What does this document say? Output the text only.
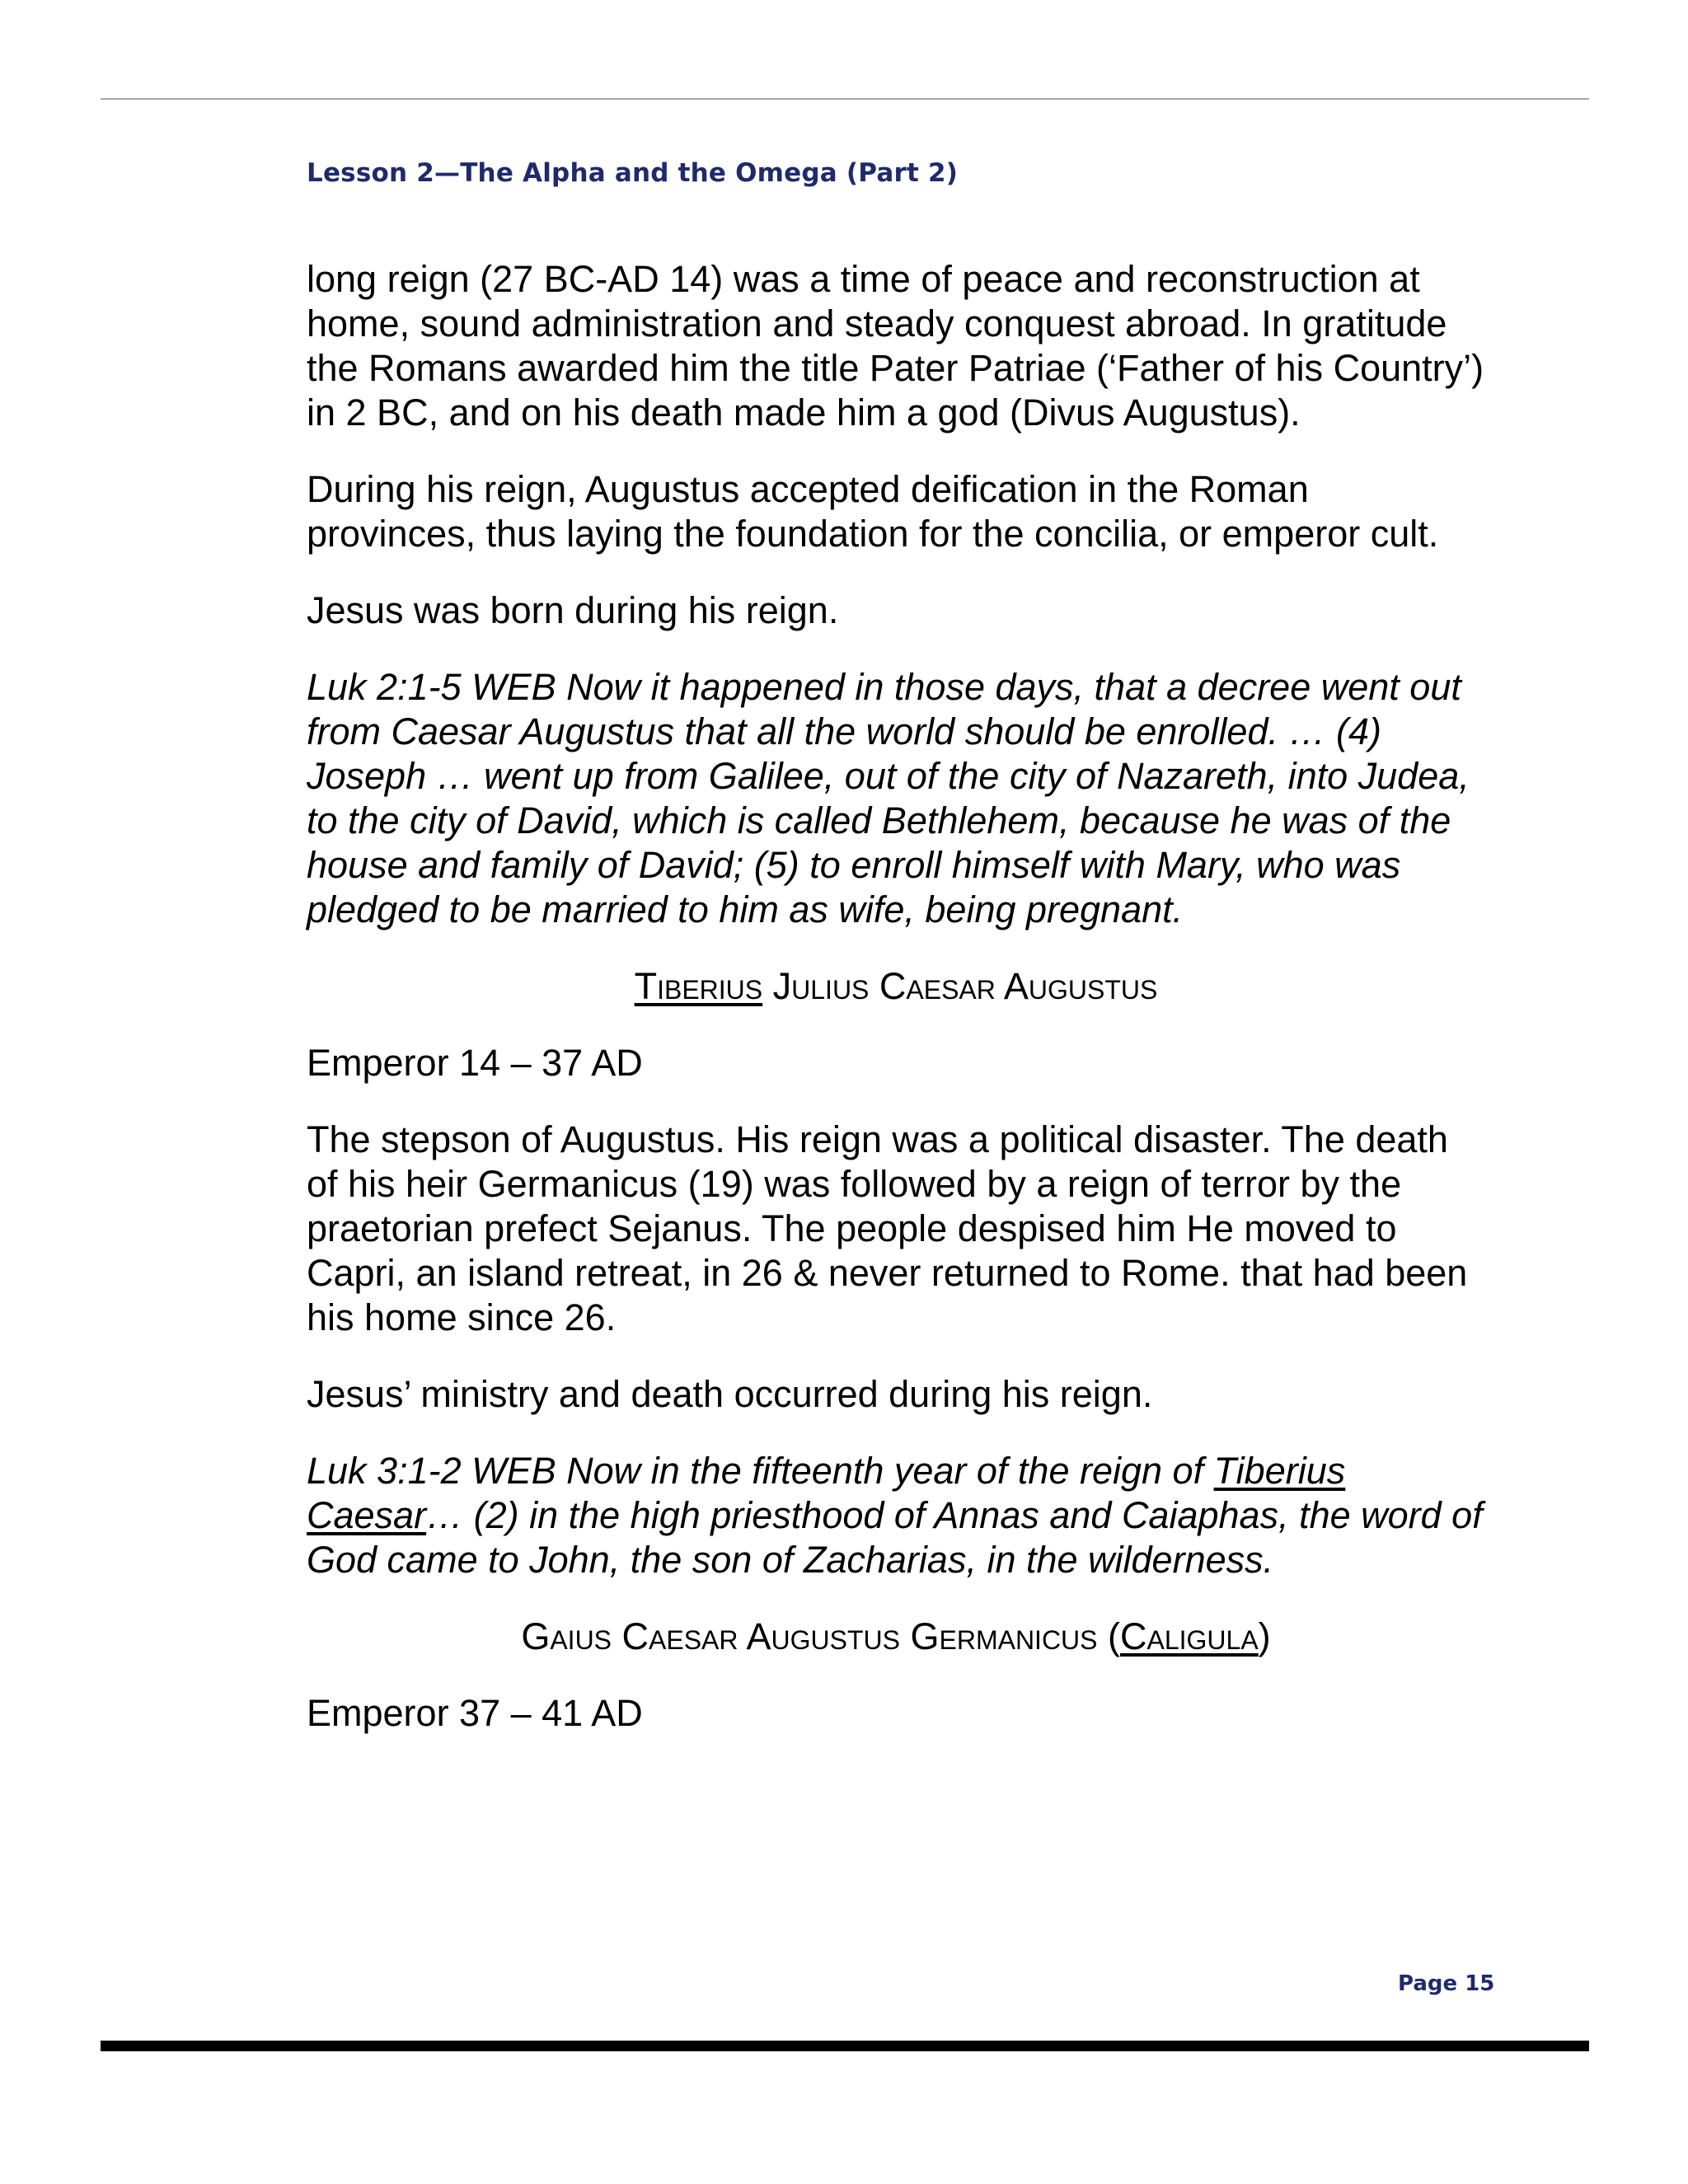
Lesson 2—The Alpha and the Omega (Part 2)

long reign (27 BC-AD 14) was a time of peace and reconstruction at home, sound administration and steady conquest abroad. In gratitude the Romans awarded him the title Pater Patriae (‘Father of his Country’) in 2 BC, and on his death made him a god (Divus Augustus).

During his reign, Augustus accepted deification in the Roman provinces, thus laying the foundation for the concilia, or emperor cult.

Jesus was born during his reign.

Luk 2:1-5 WEB Now it happened in those days, that a decree went out from Caesar Augustus that all the world should be enrolled. … (4) Joseph … went up from Galilee, out of the city of Nazareth, into Judea, to the city of David, which is called Bethlehem, because he was of the house and family of David; (5) to enroll himself with Mary, who was pledged to be married to him as wife, being pregnant.

Tiberius Julius Caesar Augustus

Emperor 14 – 37 AD

The stepson of Augustus. His reign was a political disaster. The death of his heir Germanicus (19) was followed by a reign of terror by the praetorian prefect Sejanus. The people despised him He moved to Capri, an island retreat, in 26 & never returned to Rome. that had been his home since 26.

Jesus’ ministry and death occurred during his reign.

Luk 3:1-2 WEB Now in the fifteenth year of the reign of Tiberius Caesar… (2) in the high priesthood of Annas and Caiaphas, the word of God came to John, the son of Zacharias, in the wilderness.

Gaius Caesar Augustus Germanicus (Caligula)

Emperor 37 – 41 AD

Page 15
